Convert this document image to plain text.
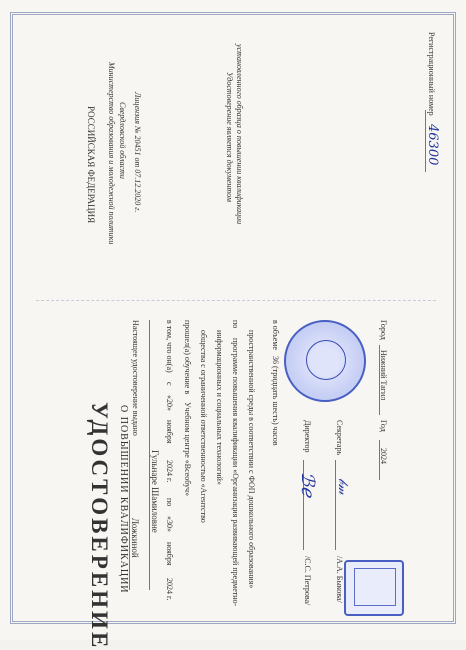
РОССИЙСКАЯ ФЕДЕРАЦИЯ Министерство образования и молодежной политики Свердловской области Лицензия № 20451 от 07.12.2020 г.	Удостоверение является документом установленного образца о повышении квалификации	Регистрационный номер
46300
УДОСТОВЕРЕНИЕ О ПОВЫШЕНИИ КВАЛИФИКАЦИИ
Настоящее удостоверение выдано
Ложкиной
Гульнаре Шамиловне
в том, что он(а)
с
«20»
ноября
2024 г.
по
«30»
ноября
2024 г.
прошел(а) обучение в
Учебном центре «Всеобуч» общества с ограниченной ответственностью «Агентство информационных и социальных технологий»
по
программе повышения квалификации «Организация развивающей предметно- пространственной среды в соответствии с ФОП дошкольного образования» в объеме
36 (тридцать шесть) часов	Директор
ℬℯ
/С.С. Петрова/
Секретарь
𝒷𝓂
/А.А. Быкова/
Город
Нижний Тагил
Год
2024
